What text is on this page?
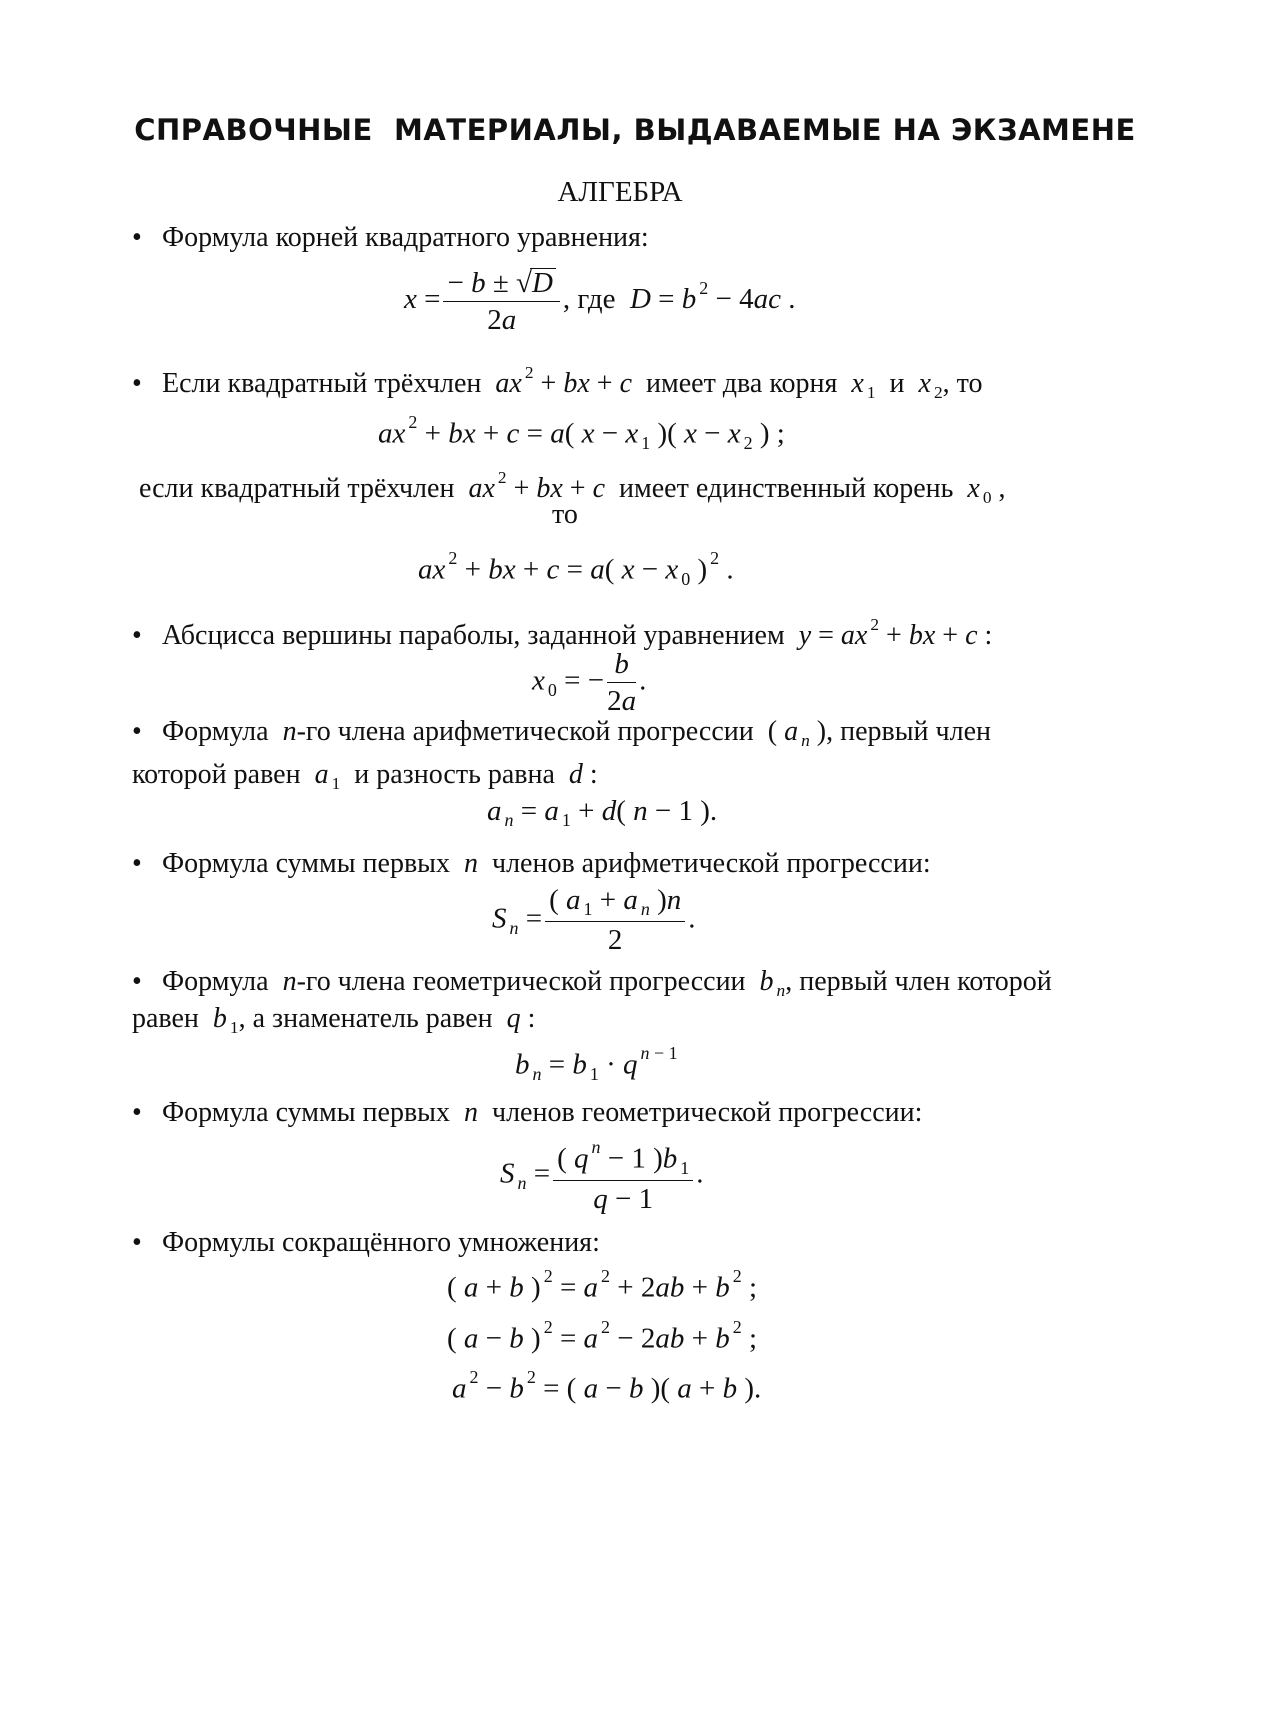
СПРАВОЧНЫЕ  МАТЕРИАЛЫ, ВЫДАВАЕМЫЕ НА ЭКЗАМЕНЕ
АЛГЕБРА
• Формула корней квадратного уравнения:
$x = \frac{- b \pm √D}{2a}$ , где D = b $^2$ − 4ac .
• Если квадратный трёхчлен ax $^2$ + bx + c имеет два корня x $_1$ и x $_2$, то
ax $^2$ + bx + c = a( x − x $_1$ )( x − x $_2$ ) ;
если квадратный трёхчлен ax $^2$ + bx + c имеет единственный корень x $_0$ ,
то
ax $^2$ + bx + c = a( x − x $_0$ ) $^2$ .
• Абсцисса вершины параболы, заданной уравнением y = ax $^2$ + bx + c :
x $_0$ = − $\frac{b}{2a}$ .
• Формула n-го члена арифметической прогрессии  ( a $_n$ ), первый член
которой равен a $_1$ и разность равна d :
a $_n$ = a $_1$ + d( n − 1 ).
• Формула суммы первых n членов арифметической прогрессии:
S $_n = \frac{( a _1 + a _n )n}{2}$ .
• Формула n-го члена геометрической прогрессии b $_n$, первый член которой
равен b $_1$, а знаменатель равен q :
b $_n$ = b $_1$ · q $^{n - 1}$
• Формула суммы первых n членов геометрической прогрессии:
S $_n = \frac{( q ^n - 1 )b _1}{q - 1}$ .
• Формулы сокращённого умножения:
( a + b ) $^2$ = a $^2$ + 2ab + b $^2$ ;
( a − b ) $^2$ = a $^2$ − 2ab + b $^2$ ;
a $^2$ − b $^2$ = ( a − b )( a + b ).
